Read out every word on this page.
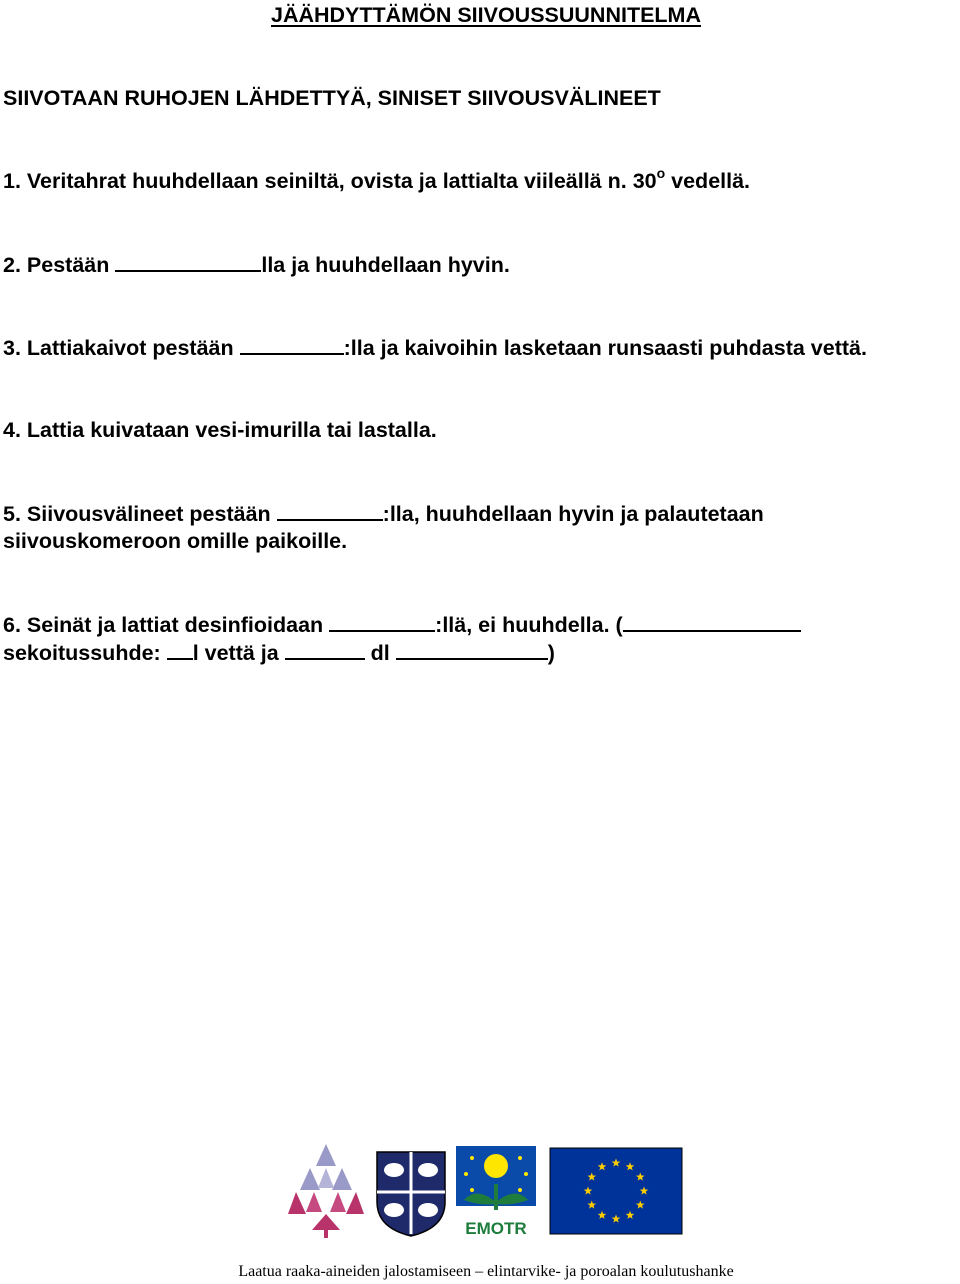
JÄÄHDYTTÄMÖN SIIVOUSSUUNNITELMA
SIIVOTAAN RUHOJEN LÄHDETTYÄ, SINISET SIIVOUSVÄLINEET
1. Veritahrat huuhdellaan seiniltä, ovista ja lattialta viileällä n. 30$^o$ vedellä.
2. Pestään	lla ja huuhdellaan hyvin.
3. Lattiakaivot pestään	:lla ja kaivoihin lasketaan runsaasti puhdasta vettä.
4. Lattia kuivataan vesi-imurilla tai lastalla.
5. Siivousvälineet pestään	:lla, huuhdellaan hyvin ja palautetaan
siivouskomeroon omille paikoille.
6. Seinät ja lattiat desinfioidaan	:llä, ei huuhdella. (
sekoitussuhde: l vettä ja	dl	)
EMOTR
Laatua raaka-aineiden jalostamiseen – elintarvike- ja poroalan koulutushanke
